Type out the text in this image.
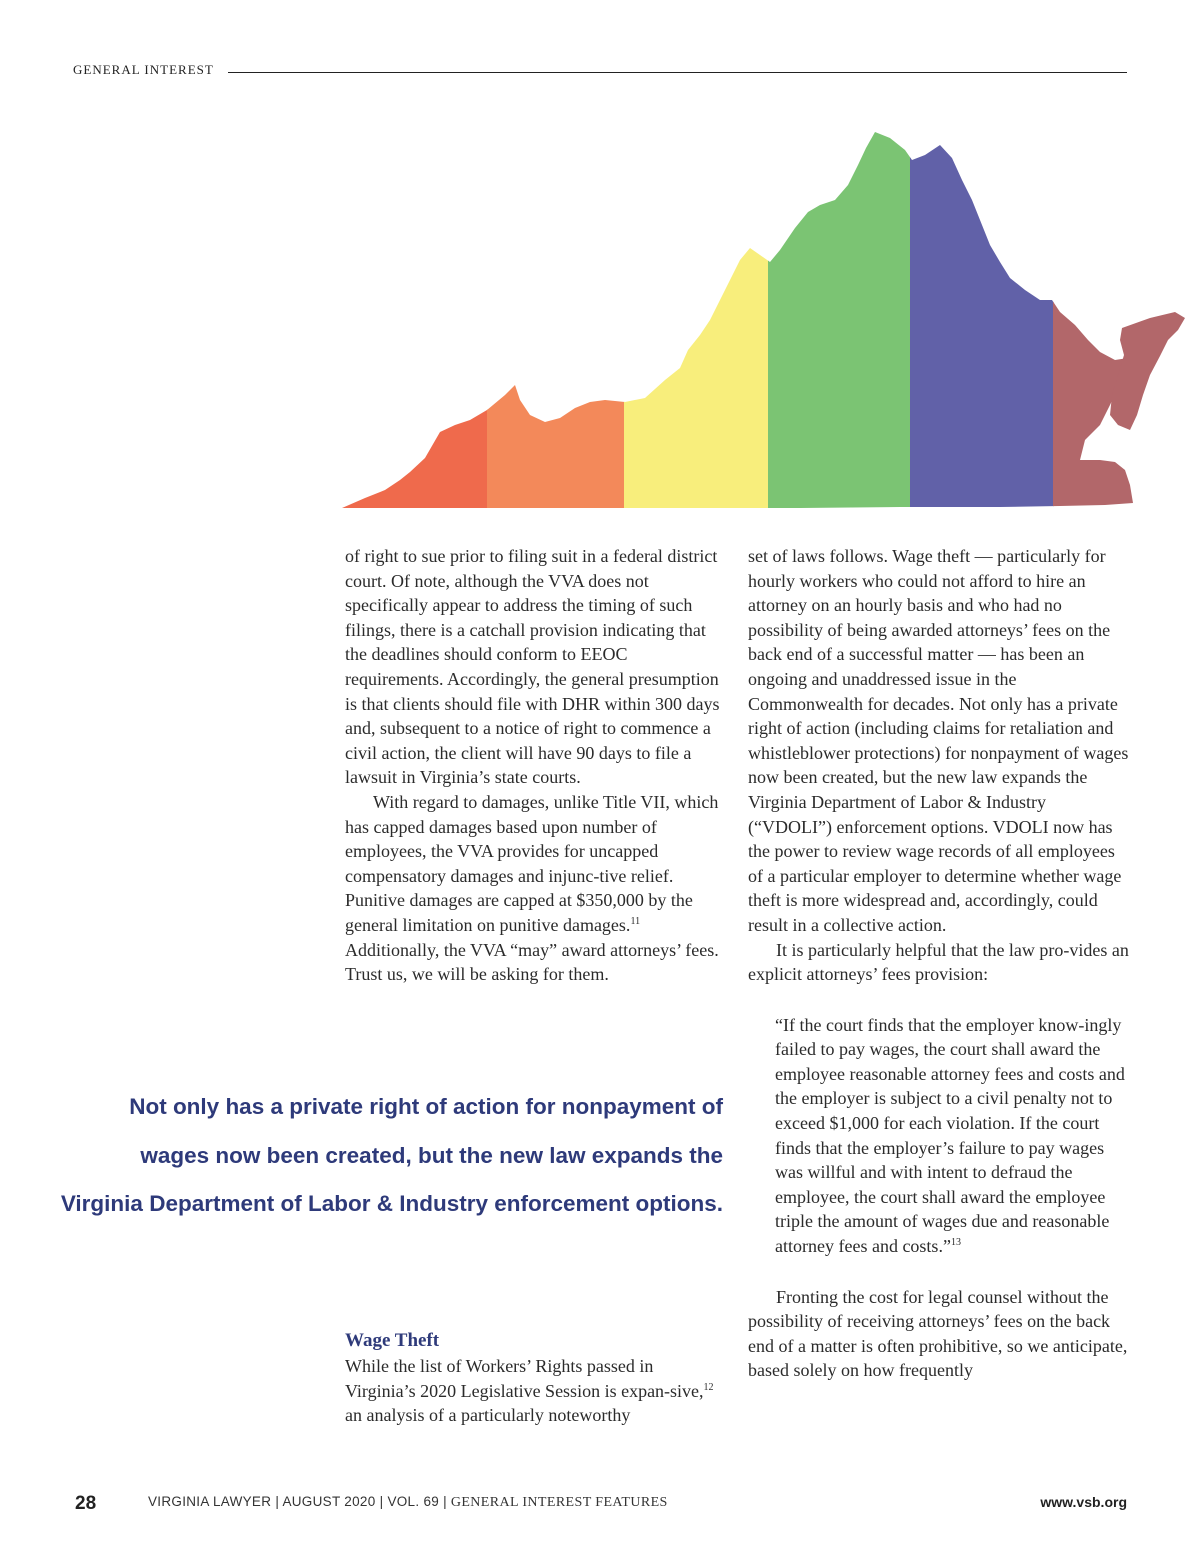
GENERAL INTEREST

of right to sue prior to filing suit in a federal district court. Of note, although the VVA does not specifically appear to address the timing of such filings, there is a catchall provision indicating that the deadlines should conform to EEOC requirements. Accordingly, the general presumption is that clients should file with DHR within 300 days and, subsequent to a notice of right to commence a civil action, the client will have 90 days to file a lawsuit in Virginia’s state courts.

With regard to damages, unlike Title VII, which has capped damages based upon number of employees, the VVA provides for uncapped compensatory damages and injunc-tive relief. Punitive damages are capped at $350,000 by the general limitation on punitive damages.$^{11}$ Additionally, the VVA “may” award attorneys’ fees. Trust us, we will be asking for them.

Not only has a private right of action for nonpayment of wages now been created, but the new law expands the Virginia Department of Labor & Industry enforcement options.

Wage Theft

While the list of Workers’ Rights passed in Virginia’s 2020 Legislative Session is expan-sive,$^{12}$ an analysis of a particularly noteworthy

set of laws follows. Wage theft — particularly for hourly workers who could not afford to hire an attorney on an hourly basis and who had no possibility of being awarded attorneys’ fees on the back end of a successful matter — has been an ongoing and unaddressed issue in the Commonwealth for decades. Not only has a private right of action (including claims for retaliation and whistleblower protections) for nonpayment of wages now been created, but the new law expands the Virginia Department of Labor & Industry (“VDOLI”) enforcement options. VDOLI now has the power to review wage records of all employees of a particular employer to determine whether wage theft is more widespread and, accordingly, could result in a collective action.

It is particularly helpful that the law pro-vides an explicit attorneys’ fees provision:

“If the court finds that the employer know-ingly failed to pay wages, the court shall award the employee reasonable attorney fees and costs and the employer is subject to a civil penalty not to exceed $1,000 for each violation. If the court finds that the employer’s failure to pay wages was willful and with intent to defraud the employee, the court shall award the employee triple the amount of wages due and reasonable attorney fees and costs.”$^{13}$

Fronting the cost for legal counsel without the possibility of receiving attorneys’ fees on the back end of a matter is often prohibitive, so we anticipate, based solely on how frequently

28	VIRGINIA LAWYER | AUGUST 2020 | VOL. 69 | GENERAL INTEREST FEATURES	www.vsb.org
